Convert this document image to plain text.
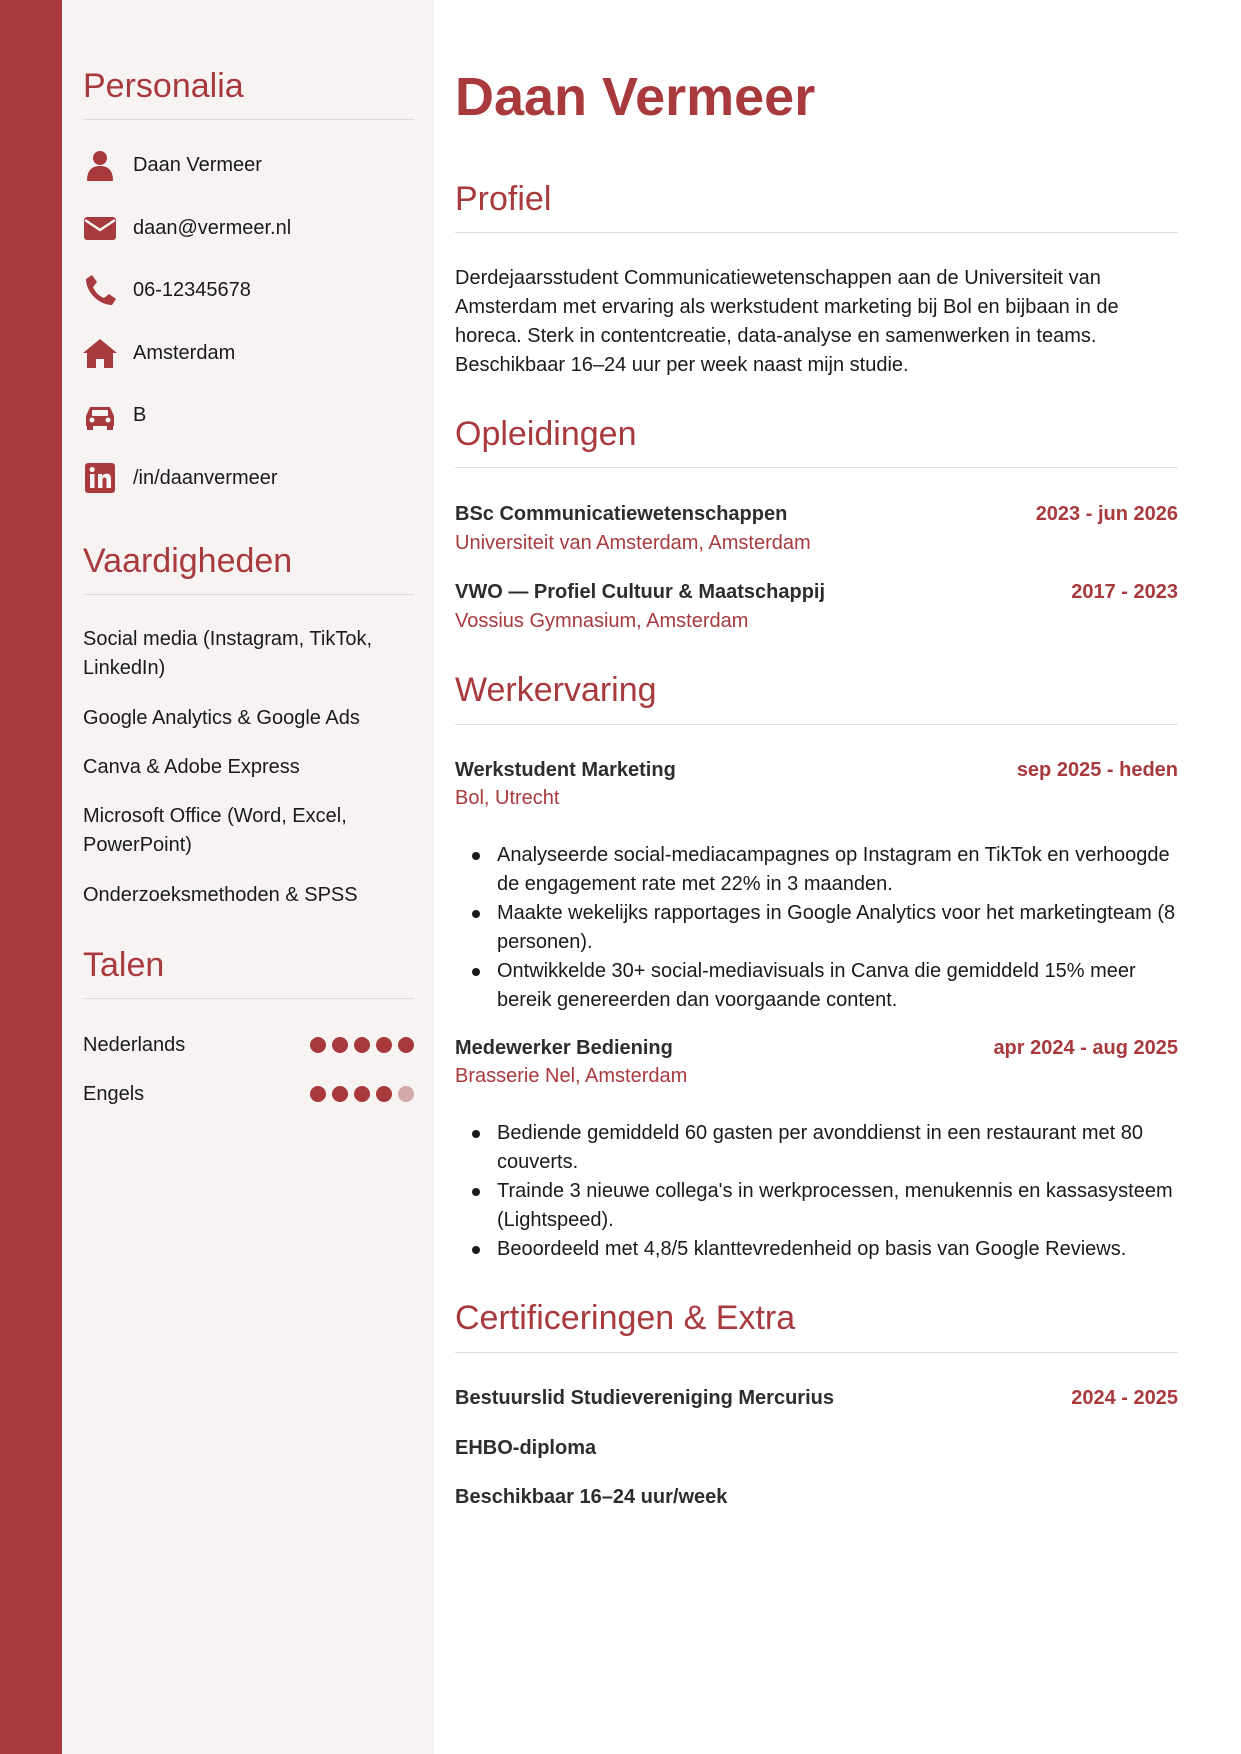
Personalia
Daan Vermeer
daan@vermeer.nl
06-12345678
Amsterdam
B
/in/daanvermeer
Vaardigheden
Social media (Instagram, TikTok, LinkedIn)
Google Analytics & Google Ads
Canva & Adobe Express
Microsoft Office (Word, Excel, PowerPoint)
Onderzoeksmethoden & SPSS
Talen
Nederlands
Engels
Daan Vermeer
Profiel

Derdejaarsstudent Communicatiewetenschappen aan de Universiteit van Amsterdam met ervaring als werkstudent marketing bij Bol en bijbaan in de horeca. Sterk in contentcreatie, data-analyse en samenwerken in teams. Beschikbaar 16–24 uur per week naast mijn studie.

Opleidingen
BSc Communicatiewetenschappen	2023 - jun 2026
Universiteit van Amsterdam, Amsterdam
VWO — Profiel Cultuur & Maatschappij	2017 - 2023
Vossius Gymnasium, Amsterdam
Werkervaring
Werkstudent Marketing	sep 2025 - heden
Bol, Utrecht
Analyseerde social-mediacampagnes op Instagram en TikTok en verhoogde de engagement rate met 22% in 3 maanden.
Maakte wekelijks rapportages in Google Analytics voor het marketingteam (8 personen).
Ontwikkelde 30+ social-mediavisuals in Canva die gemiddeld 15% meer bereik genereerden dan voorgaande content.
Medewerker Bediening	apr 2024 - aug 2025
Brasserie Nel, Amsterdam
Bediende gemiddeld 60 gasten per avonddienst in een restaurant met 80 couverts.
Trainde 3 nieuwe collega's in werkprocessen, menukennis en kassasysteem (Lightspeed).
Beoordeeld met 4,8/5 klanttevredenheid op basis van Google Reviews.
Certificeringen & Extra
Bestuurslid Studievereniging Mercurius	2024 - 2025
EHBO-diploma
Beschikbaar 16–24 uur/week
